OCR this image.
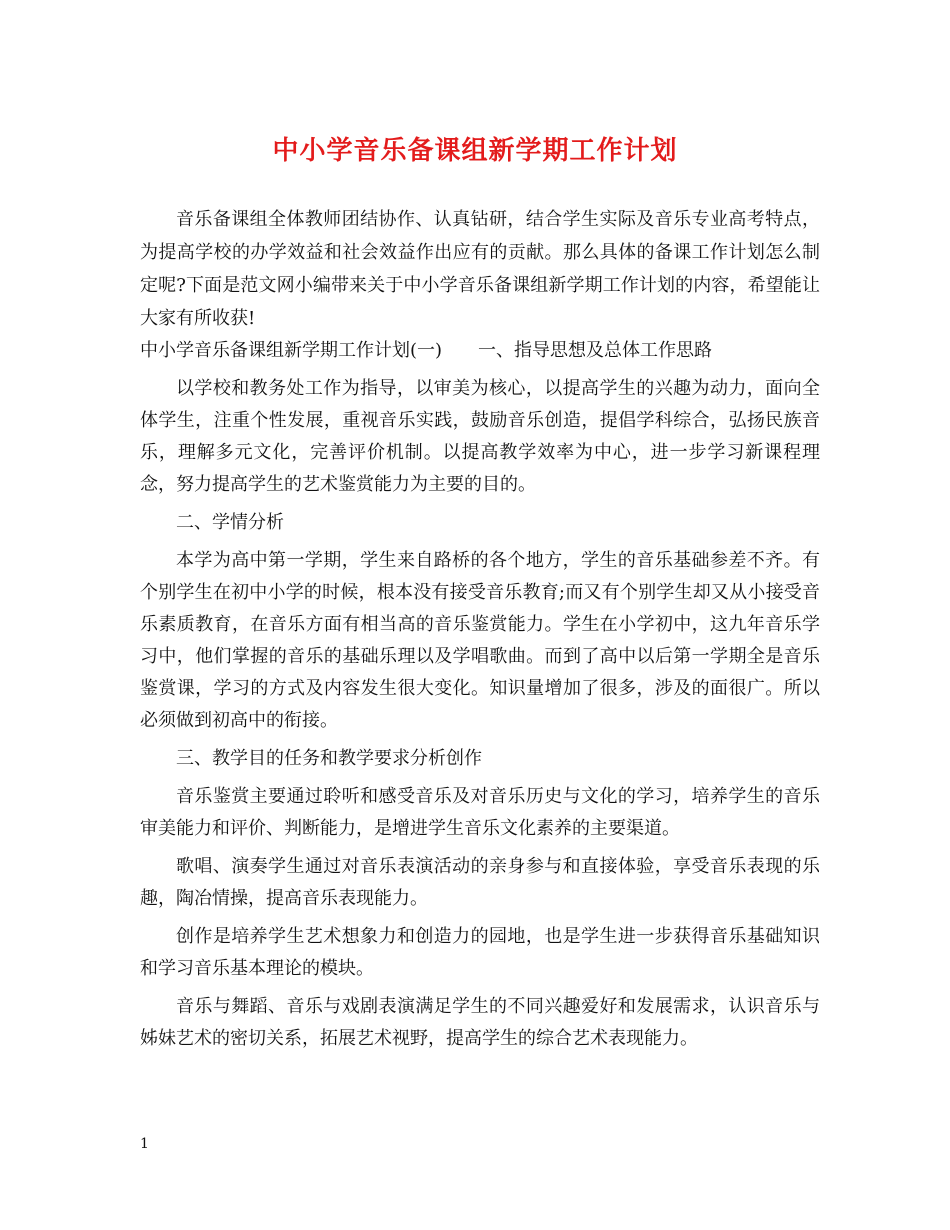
中小学音乐备课组新学期工作计划

音乐备课组全体教师团结协作、认真钻研，结合学生实际及音乐专业高考特点，为提高学校的办学效益和社会效益作出应有的贡献。那么具体的备课工作计划怎么制定呢?下面是范文网小编带来关于中小学音乐备课组新学期工作计划的内容，希望能让大家有所收获!

中小学音乐备课组新学期工作计划(一) 一、指导思想及总体工作思路

以学校和教务处工作为指导，以审美为核心，以提高学生的兴趣为动力，面向全体学生，注重个性发展，重视音乐实践，鼓励音乐创造，提倡学科综合，弘扬民族音乐，理解多元文化，完善评价机制。以提高教学效率为中心，进一步学习新课程理念，努力提高学生的艺术鉴赏能力为主要的目的。

二、学情分析

本学为高中第一学期，学生来自路桥的各个地方，学生的音乐基础参差不齐。有个别学生在初中小学的时候，根本没有接受音乐教育;而又有个别学生却又从小接受音乐素质教育，在音乐方面有相当高的音乐鉴赏能力。学生在小学初中，这九年音乐学习中，他们掌握的音乐的基础乐理以及学唱歌曲。而到了高中以后第一学期全是音乐鉴赏课，学习的方式及内容发生很大变化。知识量增加了很多，涉及的面很广。所以必须做到初高中的衔接。

三、教学目的任务和教学要求分析创作

音乐鉴赏主要通过聆听和感受音乐及对音乐历史与文化的学习，培养学生的音乐审美能力和评价、判断能力，是增进学生音乐文化素养的主要渠道。

歌唱、演奏学生通过对音乐表演活动的亲身参与和直接体验，享受音乐表现的乐趣，陶冶情操，提高音乐表现能力。

创作是培养学生艺术想象力和创造力的园地，也是学生进一步获得音乐基础知识和学习音乐基本理论的模块。

音乐与舞蹈、音乐与戏剧表演满足学生的不同兴趣爱好和发展需求，认识音乐与姊妹艺术的密切关系，拓展艺术视野，提高学生的综合艺术表现能力。

1
